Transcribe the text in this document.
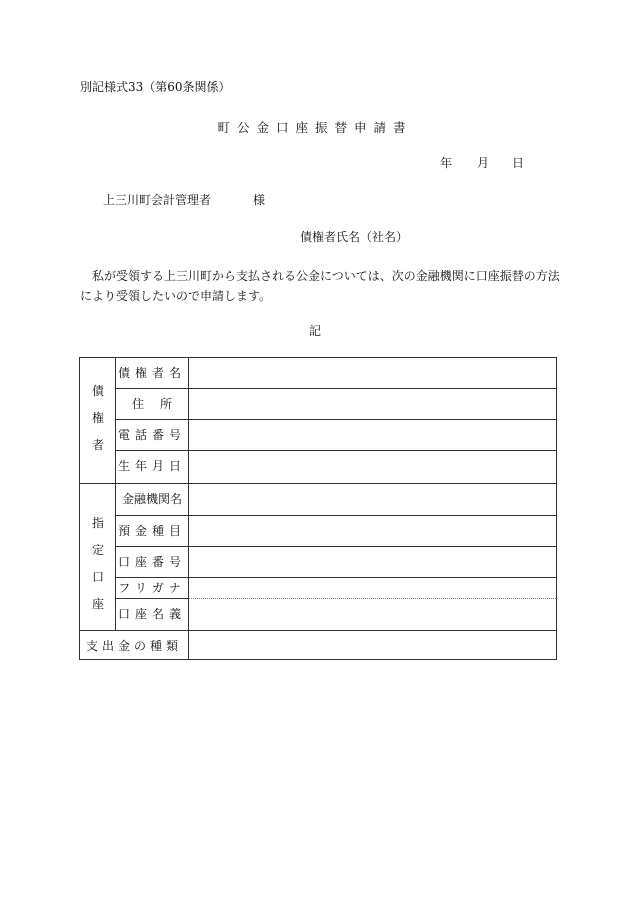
別記様式33（第60条関係）
町公金口座振替申請書
年 月 日
上三川町会計管理者	様
債権者氏名（社名）
私が受領する上三川町から支払される公金については、次の金融機関に口座振替の方法により受領したいので申請します。
記
債
権
者
債権者名
住 所
電話番号
生年月日
指
定
口
座
金融機関名
預金種目
口座番号
フリガナ
口座名義
支出金の種類
